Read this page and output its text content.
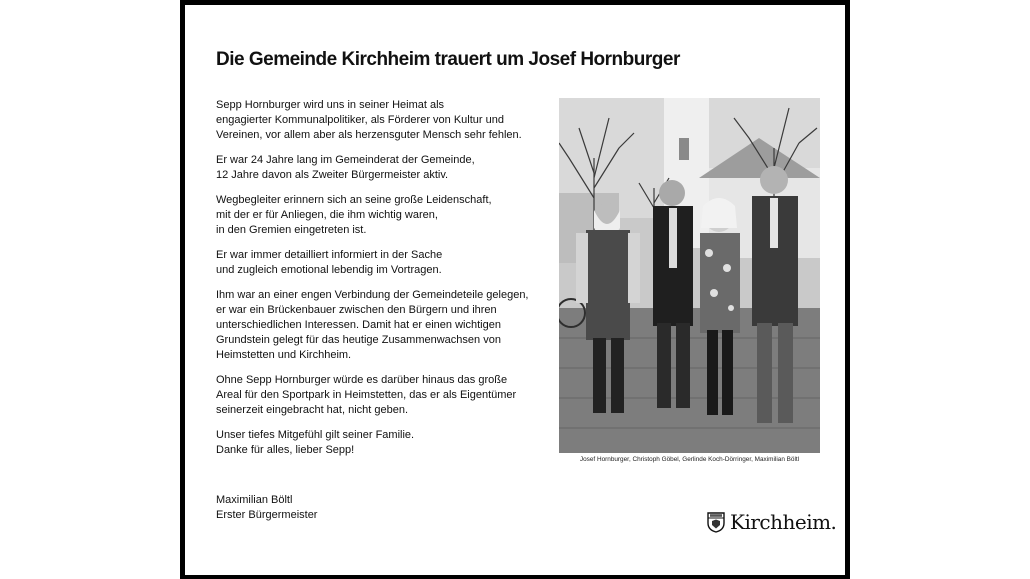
Die Gemeinde Kirchheim trauert um Josef Hornburger

Sepp Hornburger wird uns in seiner Heimat als
engagierter Kommunalpolitiker, als Förderer von Kultur und
Vereinen, vor allem aber als herzensguter Mensch sehr fehlen.

Er war 24 Jahre lang im Gemeinderat der Gemeinde,
12 Jahre davon als Zweiter Bürgermeister aktiv.

Wegbegleiter erinnern sich an seine große Leidenschaft,
mit der er für Anliegen, die ihm wichtig waren,
in den Gremien eingetreten ist.

Er war immer detailliert informiert in der Sache
und zugleich emotional lebendig im Vortragen.

Ihm war an einer engen Verbindung der Gemeindeteile gelegen,
er war ein Brückenbauer zwischen den Bürgern und ihren
unterschiedlichen Interessen. Damit hat er einen wichtigen
Grundstein gelegt für das heutige Zusammenwachsen von
Heimstetten und Kirchheim.

Ohne Sepp Hornburger würde es darüber hinaus das große
Areal für den Sportpark in Heimstetten, das er als Eigentümer
seinerzeit eingebracht hat, nicht geben.

Unser tiefes Mitgefühl gilt seiner Familie.
Danke für alles, lieber Sepp!

Maximilian Böltl
Erster Bürgermeister
Josef Hornburger, Christoph Göbel, Gerlinde Koch-Dörringer, Maximilian Böltl
Kirchheim.
